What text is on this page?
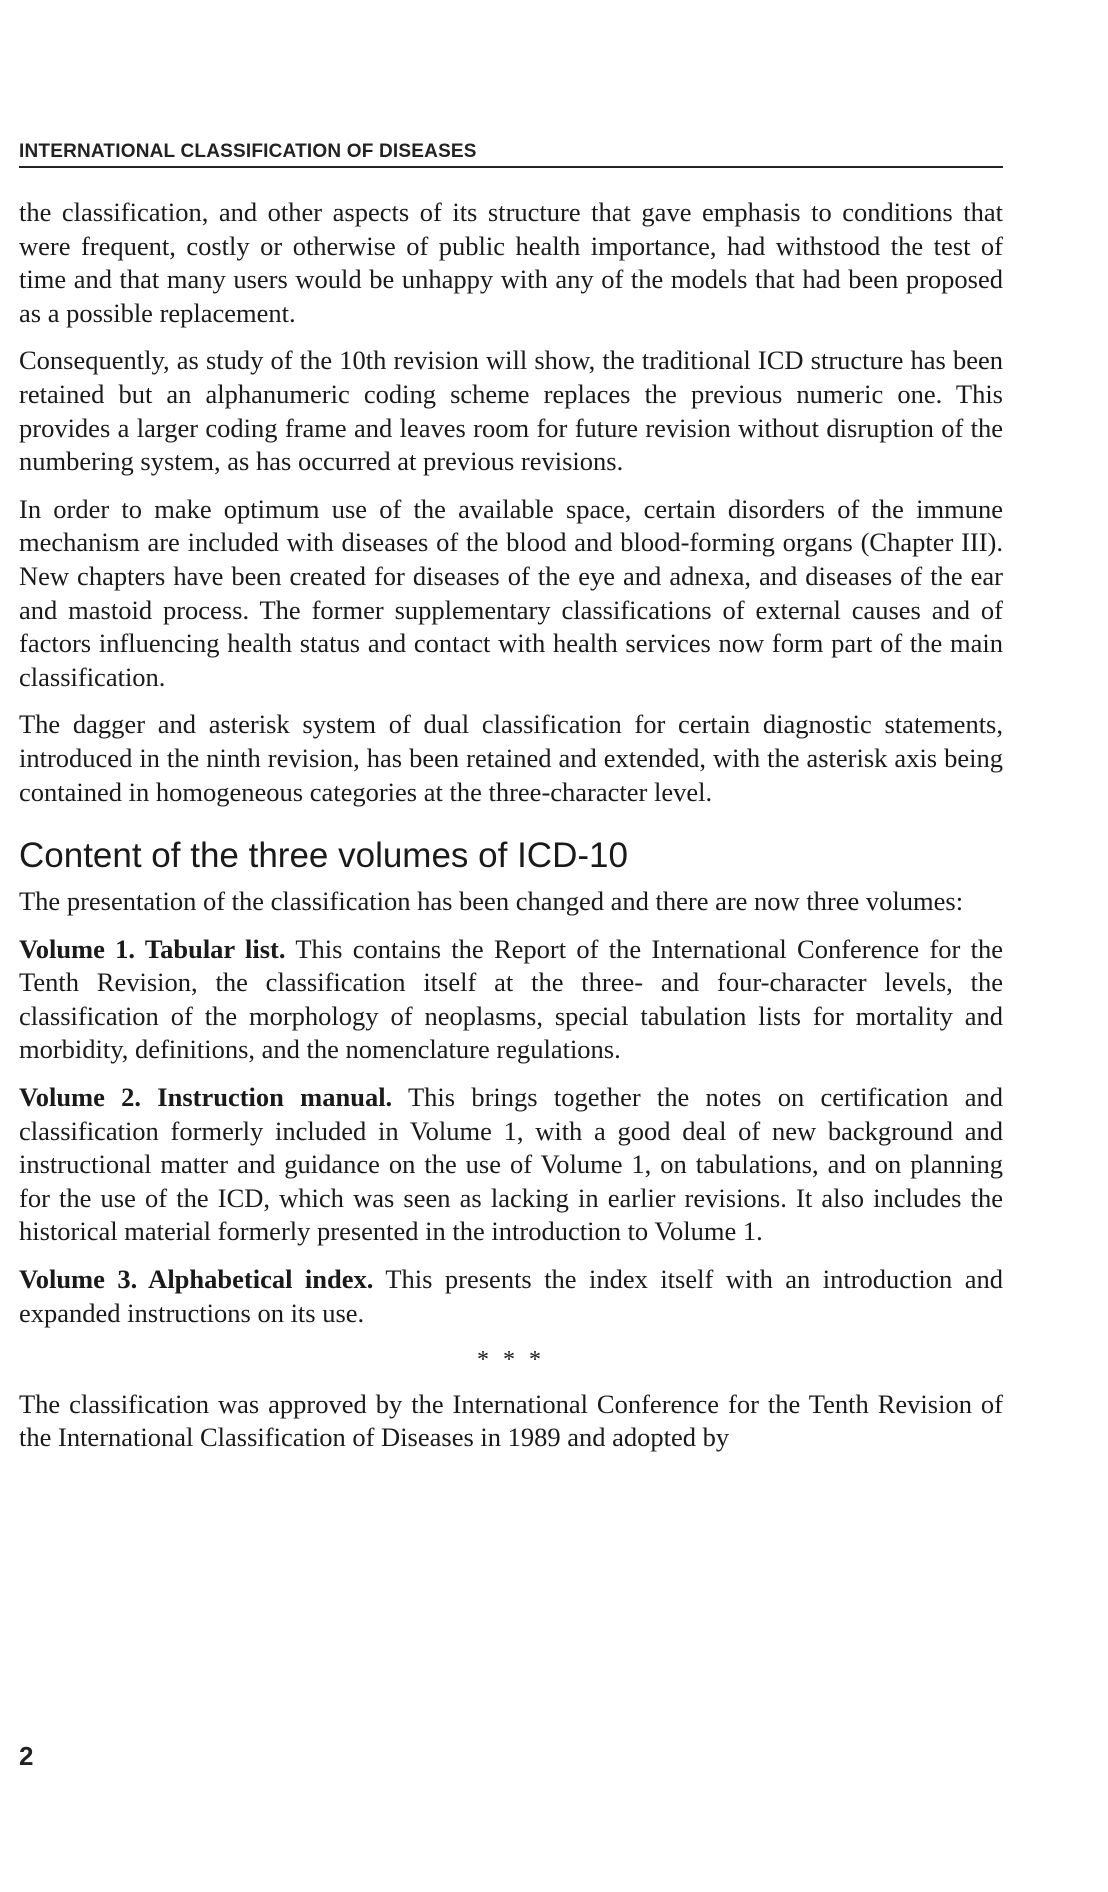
INTERNATIONAL CLASSIFICATION OF DISEASES

the classification, and other aspects of its structure that gave emphasis to conditions that were frequent, costly or otherwise of public health importance, had withstood the test of time and that many users would be unhappy with any of the models that had been proposed as a possible replacement.

Consequently, as study of the 10th revision will show, the traditional ICD structure has been retained but an alphanumeric coding scheme replaces the previous numeric one. This provides a larger coding frame and leaves room for future revision without disruption of the numbering system, as has occurred at previous revisions.

In order to make optimum use of the available space, certain disorders of the immune mechanism are included with diseases of the blood and blood-forming organs (Chapter III). New chapters have been created for diseases of the eye and adnexa, and diseases of the ear and mastoid process. The former supplementary classifications of external causes and of factors influencing health status and contact with health services now form part of the main classification.

The dagger and asterisk system of dual classification for certain diagnostic statements, introduced in the ninth revision, has been retained and extended, with the asterisk axis being contained in homogeneous categories at the three-character level.

Content of the three volumes of ICD-10

The presentation of the classification has been changed and there are now three volumes:

Volume 1. Tabular list. This contains the Report of the International Conference for the Tenth Revision, the classification itself at the three- and four-character levels, the classification of the morphology of neoplasms, special tabulation lists for mortality and morbidity, definitions, and the nomenclature regulations.

Volume 2. Instruction manual. This brings together the notes on certification and classification formerly included in Volume 1, with a good deal of new background and instructional matter and guidance on the use of Volume 1, on tabulations, and on planning for the use of the ICD, which was seen as lacking in earlier revisions. It also includes the historical material formerly presented in the introduction to Volume 1.

Volume 3. Alphabetical index. This presents the index itself with an introduction and expanded instructions on its use.

* * *

The classification was approved by the International Conference for the Tenth Revision of the International Classification of Diseases in 1989 and adopted by

2
